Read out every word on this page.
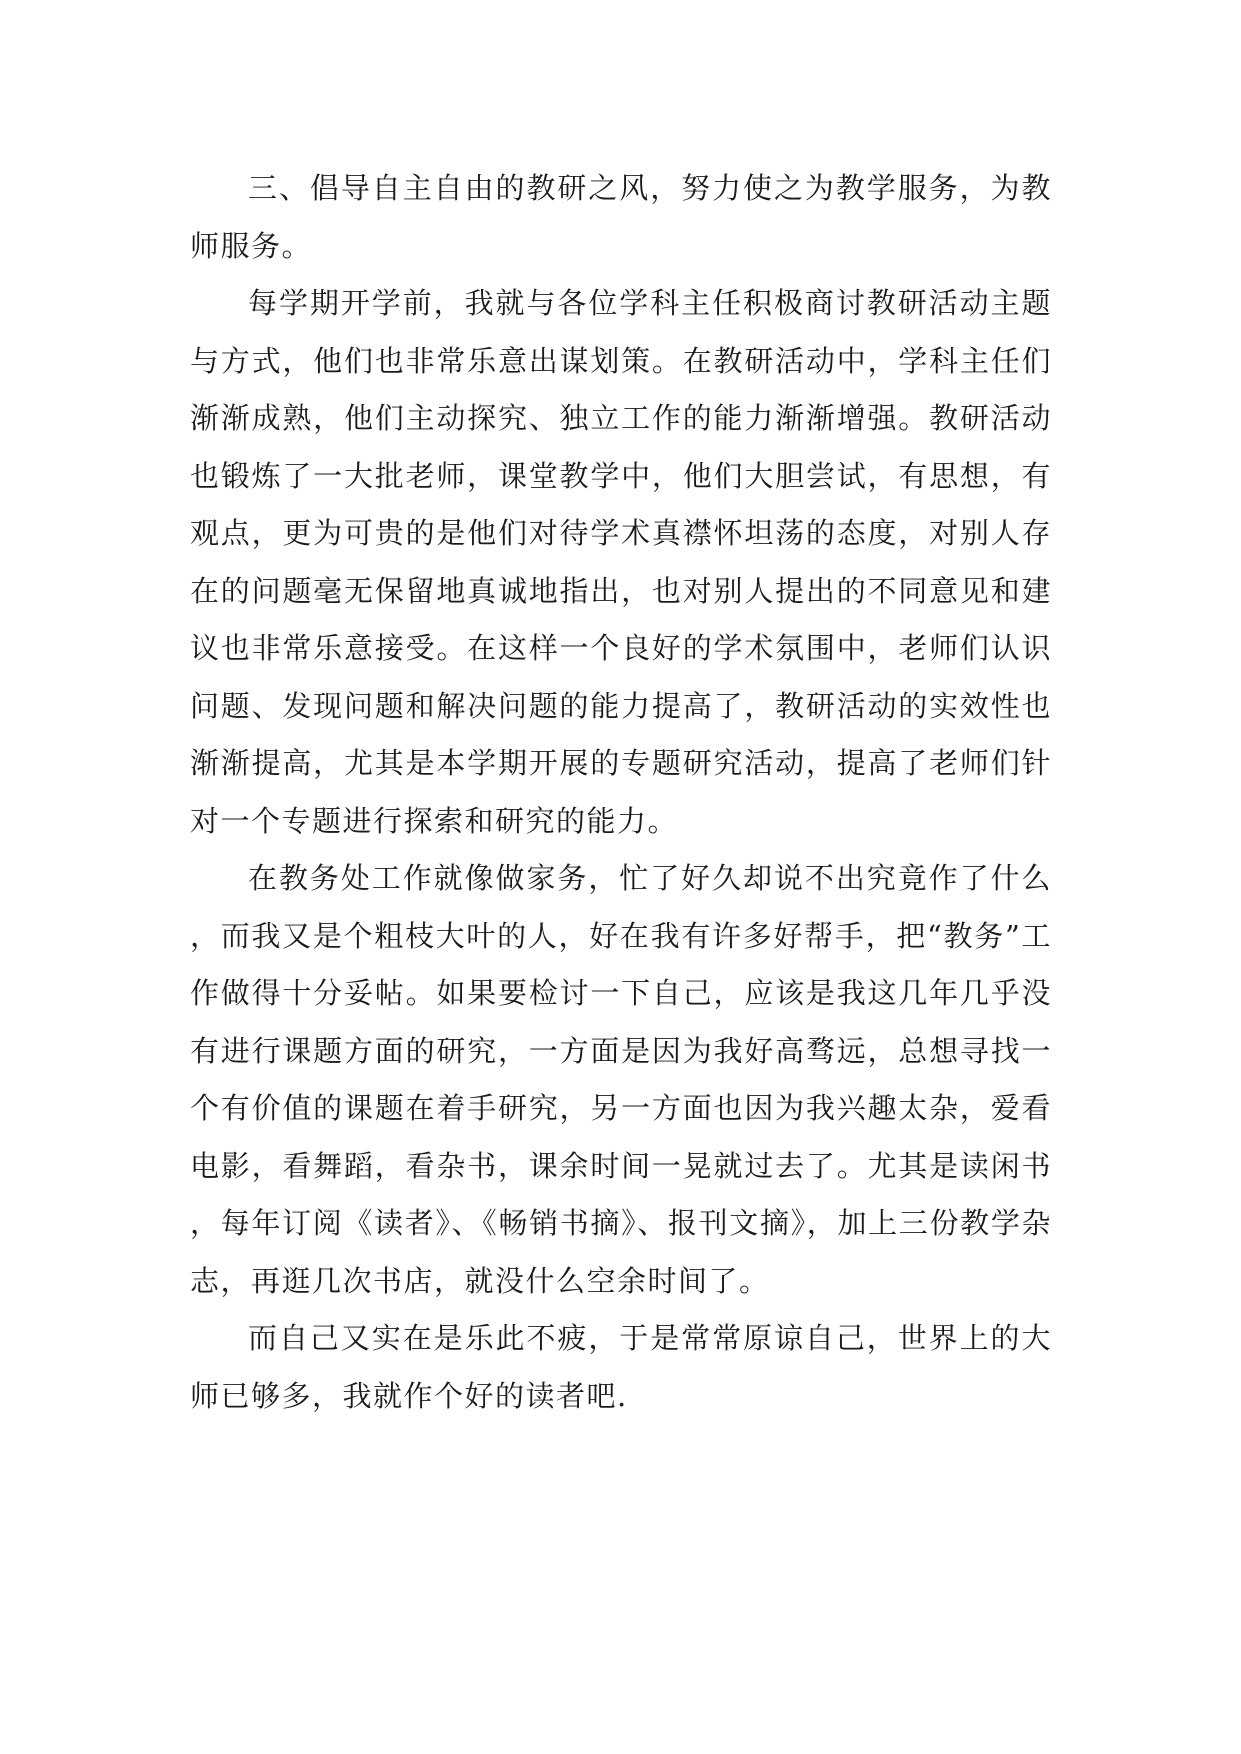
三、倡导自主自由的教研之风，努力使之为教学服务，为教师服务。

每学期开学前，我就与各位学科主任积极商讨教研活动主题与方式，他们也非常乐意出谋划策。在教研活动中，学科主任们渐渐成熟，他们主动探究、独立工作的能力渐渐增强。教研活动也锻炼了一大批老师，课堂教学中，他们大胆尝试，有思想，有观点，更为可贵的是他们对待学术真襟怀坦荡的态度，对别人存在的问题毫无保留地真诚地指出，也对别人提出的不同意见和建议也非常乐意接受。在这样一个良好的学术氛围中，老师们认识问题、发现问题和解决问题的能力提高了，教研活动的实效性也渐渐提高，尤其是本学期开展的专题研究活动，提高了老师们针对一个专题进行探索和研究的能力。

在教务处工作就像做家务，忙了好久却说不出究竟作了什么，而我又是个粗枝大叶的人，好在我有许多好帮手，把“教务”工作做得十分妥帖。如果要检讨一下自己，应该是我这几年几乎没有进行课题方面的研究，一方面是因为我好高骛远，总想寻找一个有价值的课题在着手研究，另一方面也因为我兴趣太杂，爱看电影，看舞蹈，看杂书，课余时间一晃就过去了。尤其是读闲书，每年订阅《读者》、《畅销书摘》、报刊文摘》，加上三份教学杂志，再逛几次书店，就没什么空余时间了。

而自己又实在是乐此不疲，于是常常原谅自己，世界上的大师已够多，我就作个好的读者吧.
